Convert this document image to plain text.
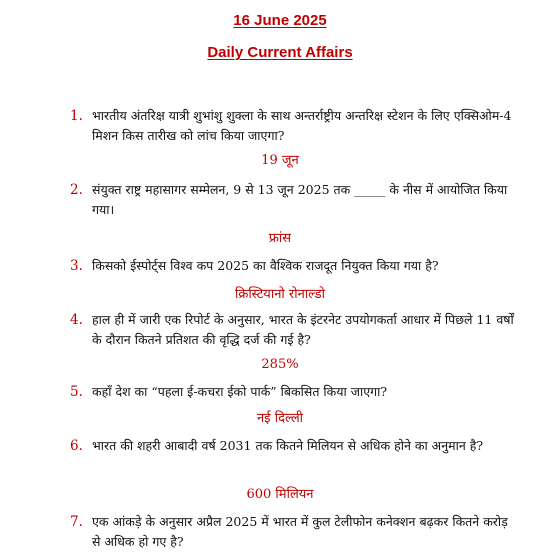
16 June 2025
Daily Current Affairs
1. भारतीय अंतरिक्ष यात्री शुभांशु शुक्ला के साथ अन्तर्राष्ट्रीय अन्तरिक्ष स्टेशन के लिए एक्सिओम-4 मिशन किस तारीख को लांच किया जाएगा?
19 जून
2. संयुक्त राष्ट्र महासागर सम्मेलन, 9 से 13 जून 2025 तक _____ के नीस में आयोजित किया गया।
फ्रांस
3. किसको ईस्पोर्ट्स विश्व कप 2025 का वैश्विक राजदूत नियुक्त किया गया है?
क्रिस्टियानो रोनाल्डो
4. हाल ही में जारी एक रिपोर्ट के अनुसार, भारत के इंटरनेट उपयोगकर्ता आधार में पिछले 11 वर्षों के दौरान कितने प्रतिशत की वृद्धि दर्ज की गई है?
285%
5. कहाँ देश का “पहला ई-कचरा ईको पार्क” बिकसित किया जाएगा?
नई दिल्ली
6. भारत की शहरी आबादी वर्ष 2031 तक कितने मिलियन से अधिक होने का अनुमान है?
600 मिलियन
7. एक आंकड़े के अनुसार अप्रैल 2025 में भारत में कुल टेलीफोन कनेक्शन बढ़कर कितने करोड़ से अधिक हो गए है?
